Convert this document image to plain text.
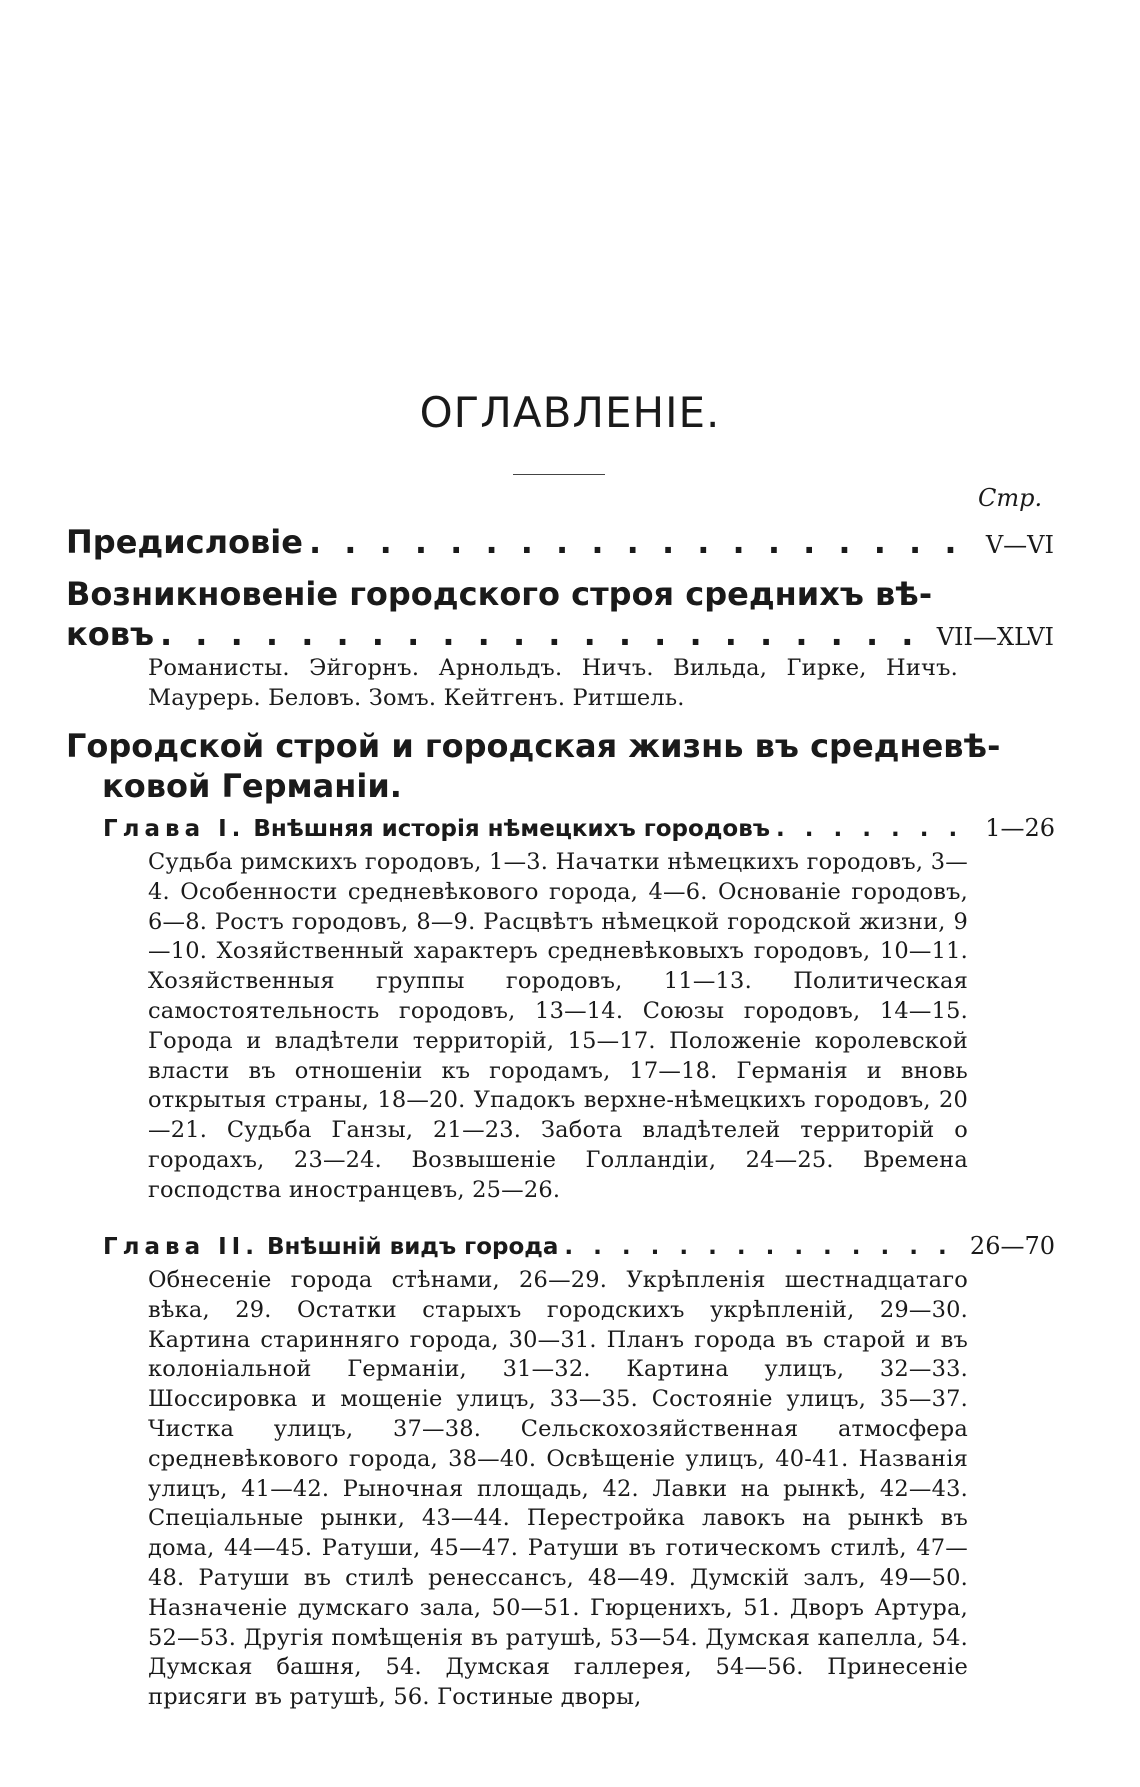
ОГЛАВЛЕНІЕ.
Стр.
Предисловіе . . .	V—VI
Возникновеніе городского строя среднихъ вѣ-
ковъ . . .	VII—XLVI
Романисты. Эйгорнъ. Арнольдъ. Ничъ. Вильда, Гирке, Ничъ. Маурерь. Беловъ. Зомъ. Кейтгенъ. Ритшель.
Городской строй и городская жизнь въ средневѣ-
ковой Германіи.
Глава I. Внѣшняя исторія нѣмецкихъ городовъ . . .	1—26
Судьба римскихъ городовъ, 1—3. Начатки нѣмецкихъ городовъ, 3—4. Особенности средневѣкового города, 4—6. Основаніе городовъ, 6—8. Ростъ городовъ, 8—9. Расцвѣтъ нѣмецкой городской жизни, 9—10. Хозяйственный характеръ средневѣковыхъ городовъ, 10—11. Хозяйственныя группы городовъ, 11—13. Политическая самостоятельность городовъ, 13—14. Союзы городовъ, 14—15. Города и владѣтели территорій, 15—17. Положеніе королевской власти въ отношеніи къ городамъ, 17—18. Германія и вновь открытыя страны, 18—20. Упадокъ верхне-нѣмецкихъ городовъ, 20—21. Судьба Ганзы, 21—23. Забота владѣтелей территорій о городахъ, 23—24. Возвышеніе Голландіи, 24—25. Времена господства иностранцевъ, 25—26.
Глава II. Внѣшній видъ города . . .	26—70
Обнесеніе города стѣнами, 26—29. Укрѣпленія шестнадцатаго вѣка, 29. Остатки старыхъ городскихъ укрѣпленій, 29—30. Картина старинняго города, 30—31. Планъ города въ старой и въ колоніальной Германіи, 31—32. Картина улицъ, 32—33. Шоссировка и мощеніе улицъ, 33—35. Состояніе улицъ, 35—37. Чистка улицъ, 37—38. Сельскохозяйственная атмосфера средневѣкового города, 38—40. Освѣщеніе улицъ, 40-41. Названія улицъ, 41—42. Рыночная площадь, 42. Лавки на рынкѣ, 42—43. Спеціальные рынки, 43—44. Перестройка лавокъ на рынкѣ въ дома, 44—45. Ратуши, 45—47. Ратуши въ готическомъ стилѣ, 47—48. Ратуши въ стилѣ ренессансъ, 48—49. Думскій залъ, 49—50. Назначеніе думскаго зала, 50—51. Гюрценихъ, 51. Дворъ Артура, 52—53. Другія помѣщенія въ ратушѣ, 53—54. Думская капелла, 54. Думская башня, 54. Думская галлерея, 54—56. Принесеніе присяги въ ратушѣ, 56. Гостиные дворы,
